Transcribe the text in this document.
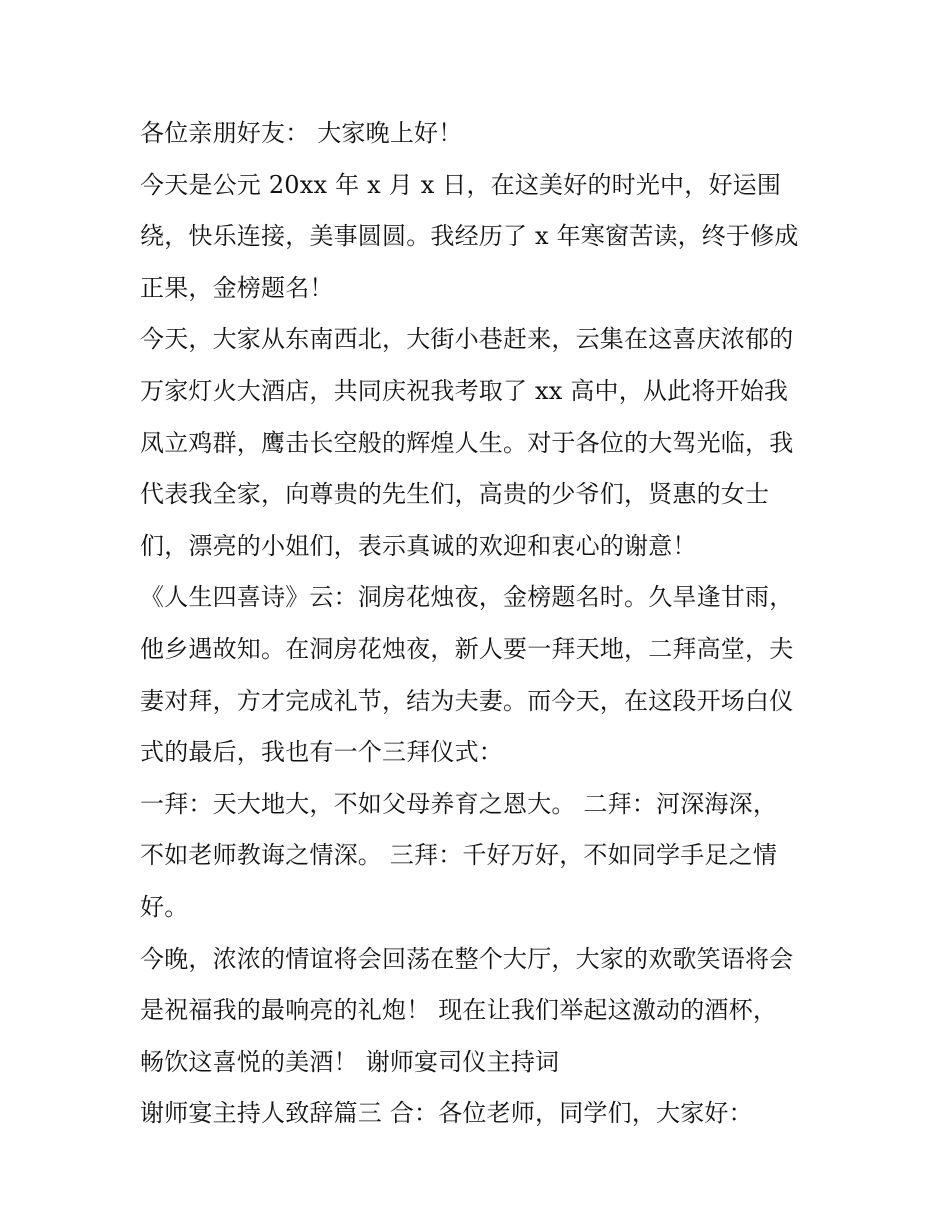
各位亲朋好友： 大家晚上好！
今天是公元 20xx 年 x 月 x 日，在这美好的时光中，好运围
绕，快乐连接，美事圆圆。我经历了 x 年寒窗苦读，终于修成
正果，金榜题名！
今天，大家从东南西北，大街小巷赶来，云集在这喜庆浓郁的
万家灯火大酒店，共同庆祝我考取了 xx 高中，从此将开始我
凤立鸡群，鹰击长空般的辉煌人生。对于各位的大驾光临，我
代表我全家，向尊贵的先生们，高贵的少爷们，贤惠的女士
们，漂亮的小姐们，表示真诚的欢迎和衷心的谢意！
《人生四喜诗》云：洞房花烛夜，金榜题名时。久旱逢甘雨，
他乡遇故知。在洞房花烛夜，新人要一拜天地，二拜高堂，夫
妻对拜，方才完成礼节，结为夫妻。而今天，在这段开场白仪
式的最后，我也有一个三拜仪式：
一拜：天大地大，不如父母养育之恩大。 二拜：河深海深，
不如老师教诲之情深。 三拜：千好万好，不如同学手足之情
好。
今晚，浓浓的情谊将会回荡在整个大厅，大家的欢歌笑语将会
是祝福我的最响亮的礼炮！ 现在让我们举起这激动的酒杯，
畅饮这喜悦的美酒！ 谢师宴司仪主持词
谢师宴主持人致辞篇三 合：各位老师，同学们，大家好：
